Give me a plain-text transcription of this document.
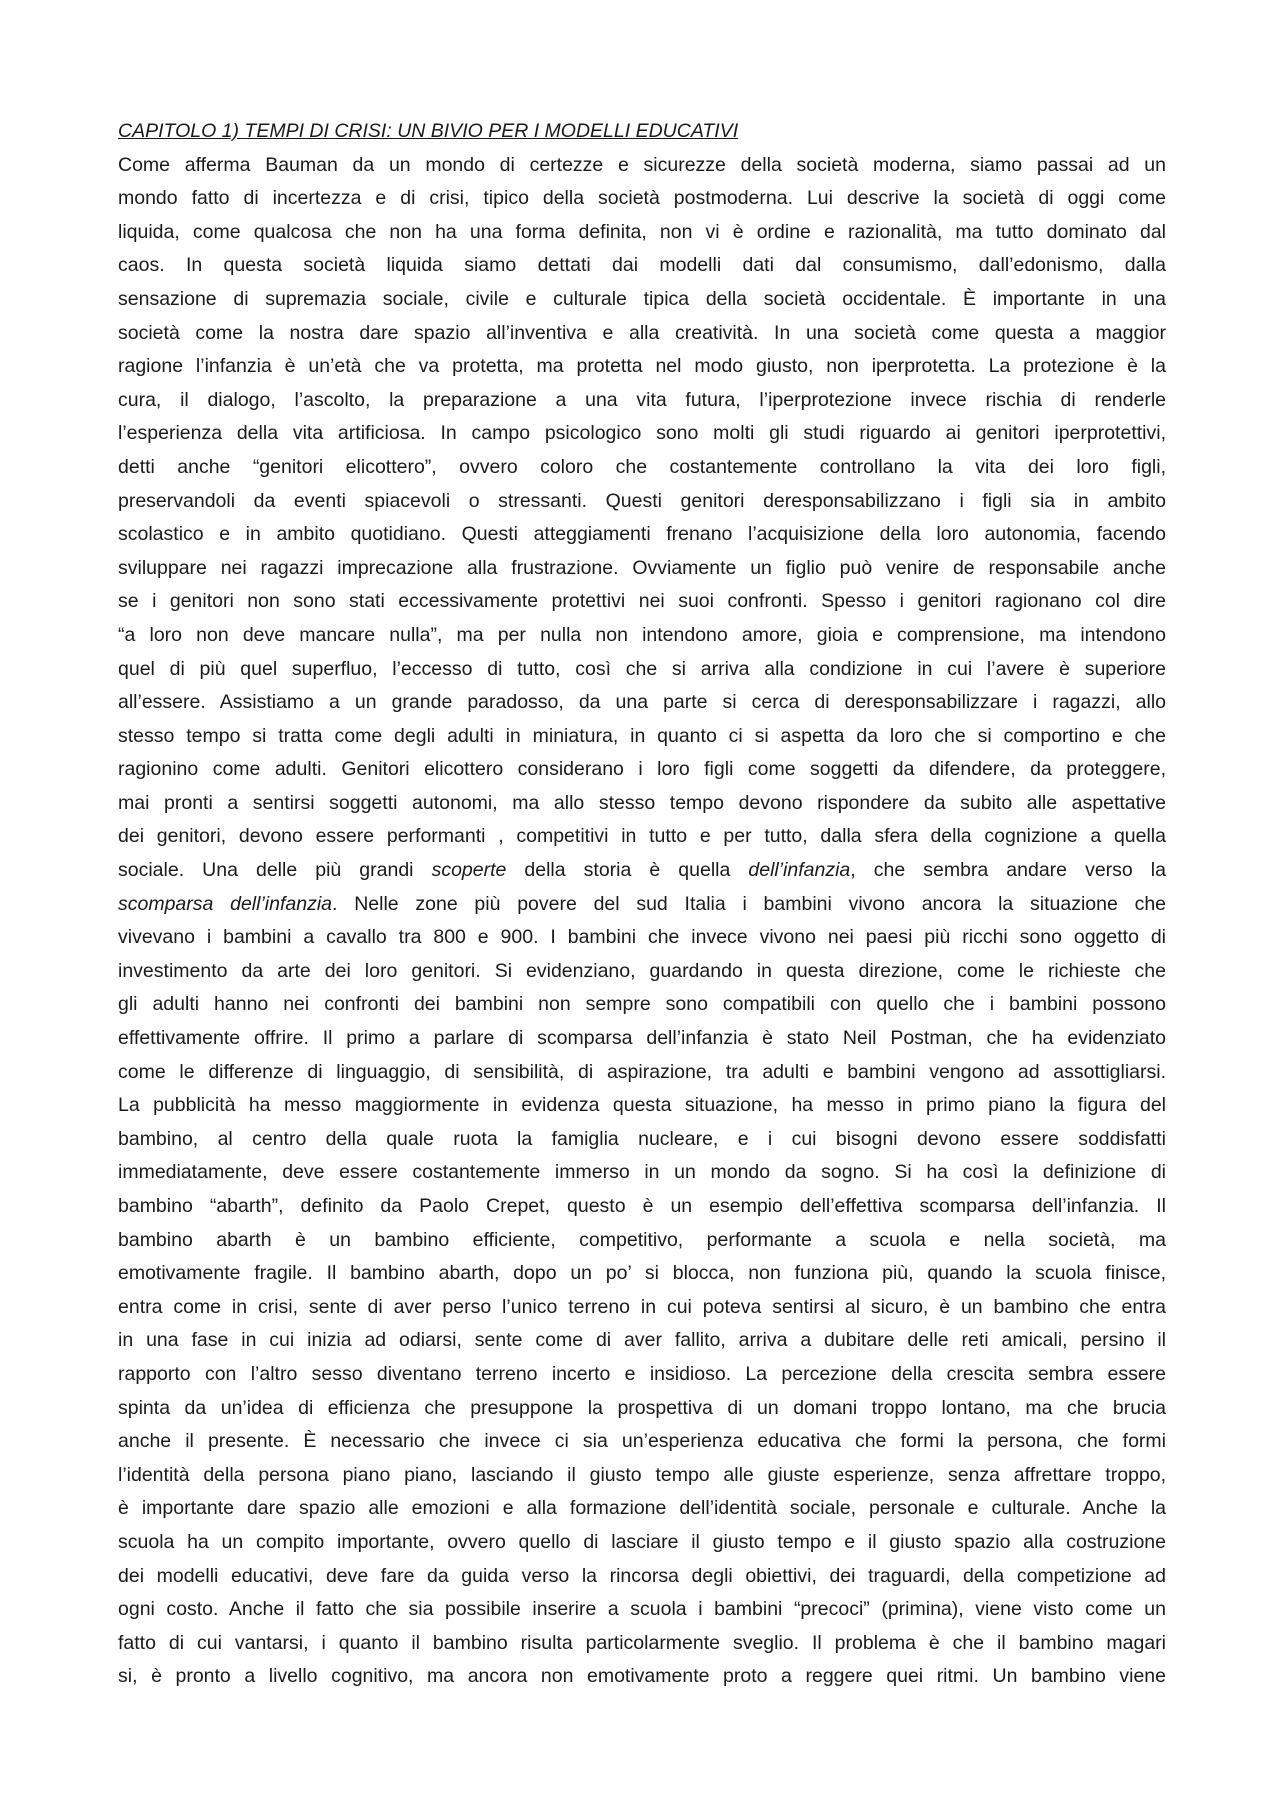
CAPITOLO 1) TEMPI DI CRISI: UN BIVIO PER I MODELLI EDUCATIVI
Come afferma Bauman da un mondo di certezze e sicurezze della società moderna, siamo passai ad un
mondo fatto di incertezza e di crisi, tipico della società postmoderna. Lui descrive la società di oggi come
liquida, come qualcosa che non ha una forma definita, non vi è ordine e razionalità, ma tutto dominato dal
caos. In questa società liquida siamo dettati dai modelli dati dal consumismo, dall’edonismo, dalla
sensazione di supremazia sociale, civile e culturale tipica della società occidentale. È importante in una
società come la nostra dare spazio all’inventiva e alla creatività. In una società come questa a maggior
ragione l’infanzia è un’età che va protetta, ma protetta nel modo giusto, non iperprotetta. La protezione è la
cura, il dialogo, l’ascolto, la preparazione a una vita futura, l’iperprotezione invece rischia di renderle
l’esperienza della vita artificiosa. In campo psicologico sono molti gli studi riguardo ai genitori iperprotettivi,
detti anche “genitori elicottero”, ovvero coloro che costantemente controllano la vita dei loro figli,
preservandoli da eventi spiacevoli o stressanti. Questi genitori deresponsabilizzano i figli sia in ambito
scolastico e in ambito quotidiano. Questi atteggiamenti frenano l’acquisizione della loro autonomia, facendo
sviluppare nei ragazzi imprecazione alla frustrazione. Ovviamente un figlio può venire de responsabile anche
se i genitori non sono stati eccessivamente protettivi nei suoi confronti. Spesso i genitori ragionano col dire
“a loro non deve mancare nulla”, ma per nulla non intendono amore, gioia e comprensione, ma intendono
quel di più quel superfluo, l’eccesso di tutto, così che si arriva alla condizione in cui l’avere è superiore
all’essere. Assistiamo a un grande paradosso, da una parte si cerca di deresponsabilizzare i ragazzi, allo
stesso tempo si tratta come degli adulti in miniatura, in quanto ci si aspetta da loro che si comportino e che
ragionino come adulti. Genitori elicottero considerano i loro figli come soggetti da difendere, da proteggere,
mai pronti a sentirsi soggetti autonomi, ma allo stesso tempo devono rispondere da subito alle aspettative
dei genitori, devono essere performanti , competitivi in tutto e per tutto, dalla sfera della cognizione a quella
sociale. Una delle più grandi scoperte della storia è quella dell’infanzia, che sembra andare verso la
scomparsa dell’infanzia. Nelle zone più povere del sud Italia i bambini vivono ancora la situazione che
vivevano i bambini a cavallo tra 800 e 900. I bambini che invece vivono nei paesi più ricchi sono oggetto di
investimento da arte dei loro genitori. Si evidenziano, guardando in questa direzione, come le richieste che
gli adulti hanno nei confronti dei bambini non sempre sono compatibili con quello che i bambini possono
effettivamente offrire. Il primo a parlare di scomparsa dell’infanzia è stato Neil Postman, che ha evidenziato
come le differenze di linguaggio, di sensibilità, di aspirazione, tra adulti e bambini vengono ad assottigliarsi.
La pubblicità ha messo maggiormente in evidenza questa situazione, ha messo in primo piano la figura del
bambino, al centro della quale ruota la famiglia nucleare, e i cui bisogni devono essere soddisfatti
immediatamente, deve essere costantemente immerso in un mondo da sogno. Si ha così la definizione di
bambino “abarth”, definito da Paolo Crepet, questo è un esempio dell’effettiva scomparsa dell’infanzia. Il
bambino abarth è un bambino efficiente, competitivo, performante a scuola e nella società, ma
emotivamente fragile. Il bambino abarth, dopo un po’ si blocca, non funziona più, quando la scuola finisce,
entra come in crisi, sente di aver perso l’unico terreno in cui poteva sentirsi al sicuro, è un bambino che entra
in una fase in cui inizia ad odiarsi, sente come di aver fallito, arriva a dubitare delle reti amicali, persino il
rapporto con l’altro sesso diventano terreno incerto e insidioso. La percezione della crescita sembra essere
spinta da un’idea di efficienza che presuppone la prospettiva di un domani troppo lontano, ma che brucia
anche il presente. È necessario che invece ci sia un’esperienza educativa che formi la persona, che formi
l’identità della persona piano piano, lasciando il giusto tempo alle giuste esperienze, senza affrettare troppo,
è importante dare spazio alle emozioni e alla formazione dell’identità sociale, personale e culturale. Anche la
scuola ha un compito importante, ovvero quello di lasciare il giusto tempo e il giusto spazio alla costruzione
dei modelli educativi, deve fare da guida verso la rincorsa degli obiettivi, dei traguardi, della competizione ad
ogni costo. Anche il fatto che sia possibile inserire a scuola i bambini “precoci” (primina), viene visto come un
fatto di cui vantarsi, i quanto il bambino risulta particolarmente sveglio. Il problema è che il bambino magari
si, è pronto a livello cognitivo, ma ancora non emotivamente proto a reggere quei ritmi. Un bambino viene
